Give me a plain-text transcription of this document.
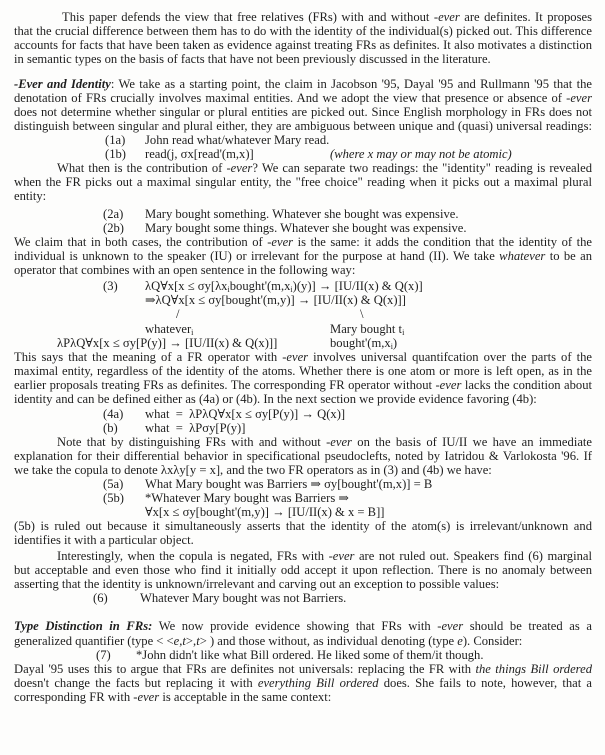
This paper defends the view that free relatives (FRs) with and without -ever are definites. It proposes
that the crucial difference between them has to do with the identity of the individual(s) picked out. This difference
accounts for facts that have been taken as evidence against treating FRs as definites. It also motivates a distinction
in semantic types on the basis of facts that have not been previously discussed in the literature.
-Ever and Identity: We take as a starting point, the claim in Jacobson '95, Dayal '95 and Rullmann '95 that the
denotation of FRs crucially involves maximal entities. And we adopt the view that presence or absence of -ever
does not determine whether singular or plural entities are picked out. Since English morphology in FRs does not
distinguish between singular and plural either, they are ambiguous between unique and (quasi) universal readings:
(1a) John read what/whatever Mary read.
(1b) read(j, σx[read'(m,x)]	(where x may or may not be atomic)
What then is the contribution of -ever? We can separate two readings: the "identity" reading is revealed
when the FR picks out a maximal singular entity, the "free choice" reading when it picks out a maximal plural
entity:
(2a) Mary bought something. Whatever she bought was expensive.
(2b) Mary bought some things. Whatever she bought was expensive.
We claim that in both cases, the contribution of -ever is the same: it adds the condition that the identity of the
individual is unknown to the speaker (IU) or irrelevant for the purpose at hand (II). We take whatever to be an
operator that combines with an open sentence in the following way:
(3) λQ∀x[x ≤ $\sigma y[\lambda x_ibought'(m,x_i)(y)] \to [IU/II(x)$ & Q(x)]
⇒λQ∀x[x ≤ σy[bought'(m,y)] → [IU/II(x) & Q(x)]]
/	\
whatever$_i$	Mary bought $t_i$
λPλQ∀x[x ≤ σy[P(y)] → [IU/II(x) & Q(x)]]	$bought'(m,x_i)$
This says that the meaning of a FR operator with -ever involves universal quantifcation over the parts of the
maximal entity, regardless of the identity of the atoms. Whether there is one atom or more is left open, as in the
earlier proposals treating FRs as definites. The corresponding FR operator without -ever lacks the condition about
identity and can be defined either as (4a) or (4b). In the next section we provide evidence favoring (4b):
(4a) what  =  λPλQ∀x[x ≤ σy[P(y)] → Q(x)]
(b) what  =  λPσy[P(y)]
Note that by distinguishing FRs with and without -ever on the basis of IU/II we have an immediate
explanation for their differential behavior in specificational pseudoclefts, noted by Iatridou & Varlokosta '96. If
we take the copula to denote λxλy[y = x], and the two FR operators as in (3) and (4b) we have:
(5a) What Mary bought was Barriers ⇒ σy[bought'(m,x)] = B
(5b) *Whatever Mary bought was Barriers ⇒
∀x[x ≤ σy[bought'(m,y)] → [IU/II(x) & x = B]]
(5b) is ruled out because it simultaneously asserts that the identity of the atom(s) is irrelevant/unknown and
identifies it with a particular object.
Interestingly, when the copula is negated, FRs with -ever are not ruled out. Speakers find (6) marginal
but acceptable and even those who find it initially odd accept it upon reflection. There is no anomaly between
asserting that the identity is unknown/irrelevant and carving out an exception to possible values:
(6)	Whatever Mary bought was not Barriers.
Type Distinction in FRs: We now provide evidence showing that FRs with -ever should be treated as a
generalized quantifier (type < <e,t>,t> ) and those without, as individual denoting (type e). Consider:
(7) *John didn't like what Bill ordered. He liked some of them/it though.
Dayal '95 uses this to argue that FRs are definites not universals: replacing the FR with the things Bill ordered
doesn't change the facts but replacing it with everything Bill ordered does. She fails to note, however, that a
corresponding FR with -ever is acceptable in the same context:
